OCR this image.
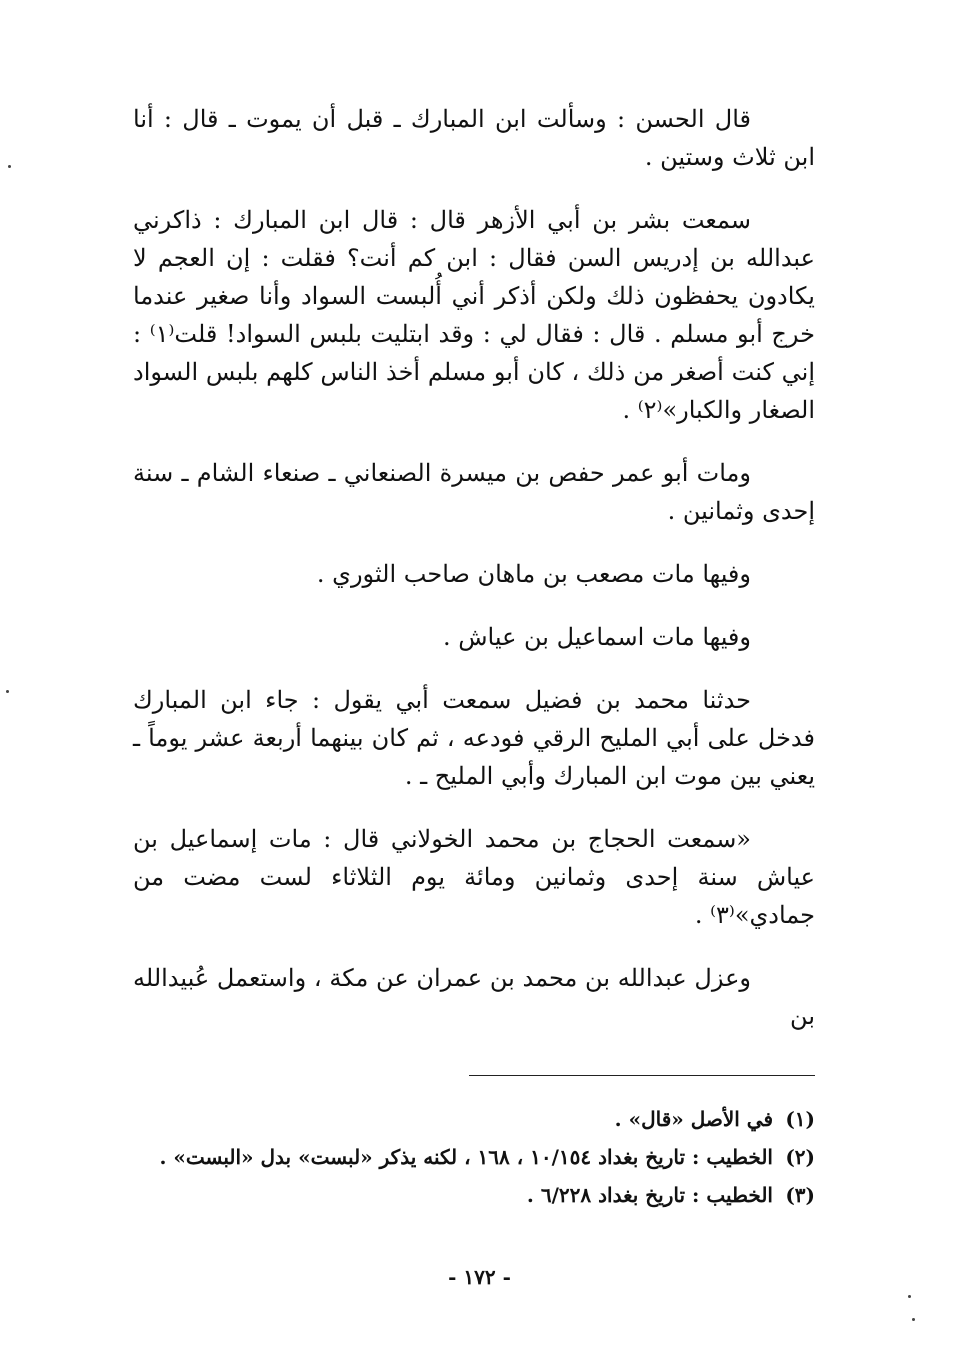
قال الحسن : وسألت ابن المبارك ـ قبل أن يموت ـ قال : أنا ابن ثلاث وستين .

سمعت بشر بن أبي الأزهر قال : قال ابن المبارك : ذاكرني عبدالله بن إدريس السن فقال : ابن كم أنت؟ فقلت : إن العجم لا يكادون يحفظون ذلك ولكن أذكر أني أُلبست السواد وأنا صغير عندما خرج أبو مسلم . قال : فقال لي : وقد ابتليت بلبس السواد! قلت⁽١⁾ : إني كنت أصغر من ذلك ، كان أبو مسلم أخذ الناس كلهم بلبس السواد الصغار والكبار»⁽٢⁾ .

ومات أبو عمر حفص بن ميسرة الصنعاني ـ صنعاء الشام ـ سنة إحدى وثمانين .

وفيها مات مصعب بن ماهان صاحب الثوري .

وفيها مات اسماعيل بن عياش .

حدثنا محمد بن فضيل سمعت أبي يقول : جاء ابن المبارك فدخل على أبي المليح الرقي فودعه ، ثم كان بينهما أربعة عشر يوماً ـ يعني بين موت ابن المبارك وأبي المليح ـ .

«سمعت الحجاج بن محمد الخولاني قال : مات إسماعيل بن عياش سنة إحدى وثمانين ومائة يوم الثلاثاء لست مضت من جمادي»⁽٣⁾ .

وعزل عبدالله بن محمد بن عمران عن مكة ، واستعمل عُبيدالله بن

(١)
في الأصل «قال» .
(٢)
الخطيب : تاريخ بغداد ١٠/١٥٤ ، ١٦٨ ، لكنه يذكر «لبست» بدل «البست» .
(٣)
الخطيب : تاريخ بغداد ٦/٢٢٨ .
- ١٧٢ -
